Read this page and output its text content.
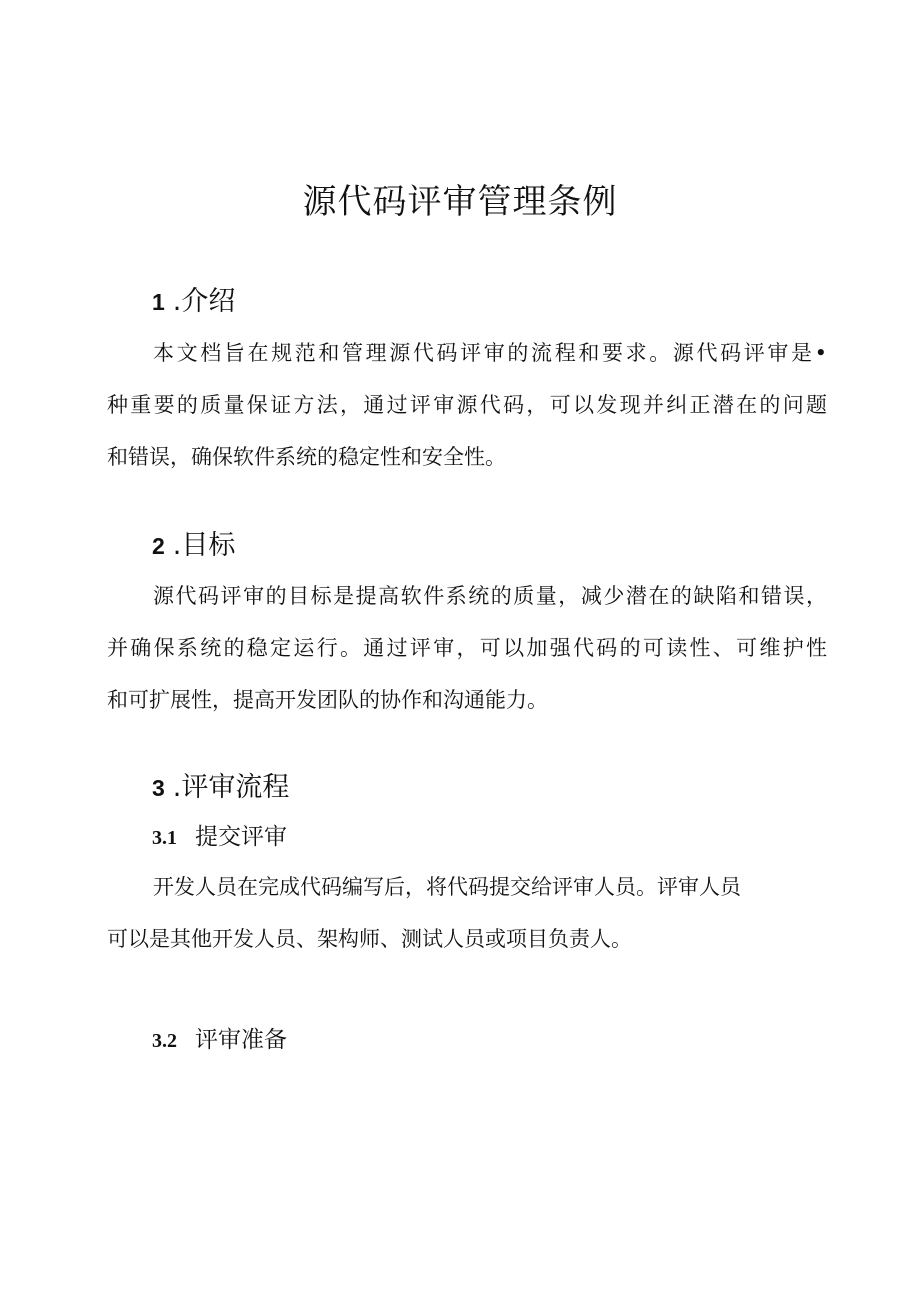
源代码评审管理条例
1 .介绍
本文档旨在规范和管理源代码评审的流程和要求。源代码评审是•
种重要的质量保证方法，通过评审源代码，可以发现并纠正潜在的问题
和错误，确保软件系统的稳定性和安全性。
2 .目标
源代码评审的目标是提高软件系统的质量，减少潜在的缺陷和错误，
并确保系统的稳定运行。通过评审，可以加强代码的可读性、可维护性
和可扩展性，提高开发团队的协作和沟通能力。
3 .评审流程
3.1 提交评审
开发人员在完成代码编写后，将代码提交给评审人员。评审人员
可以是其他开发人员、架构师、测试人员或项目负责人。
3.2 评审准备
